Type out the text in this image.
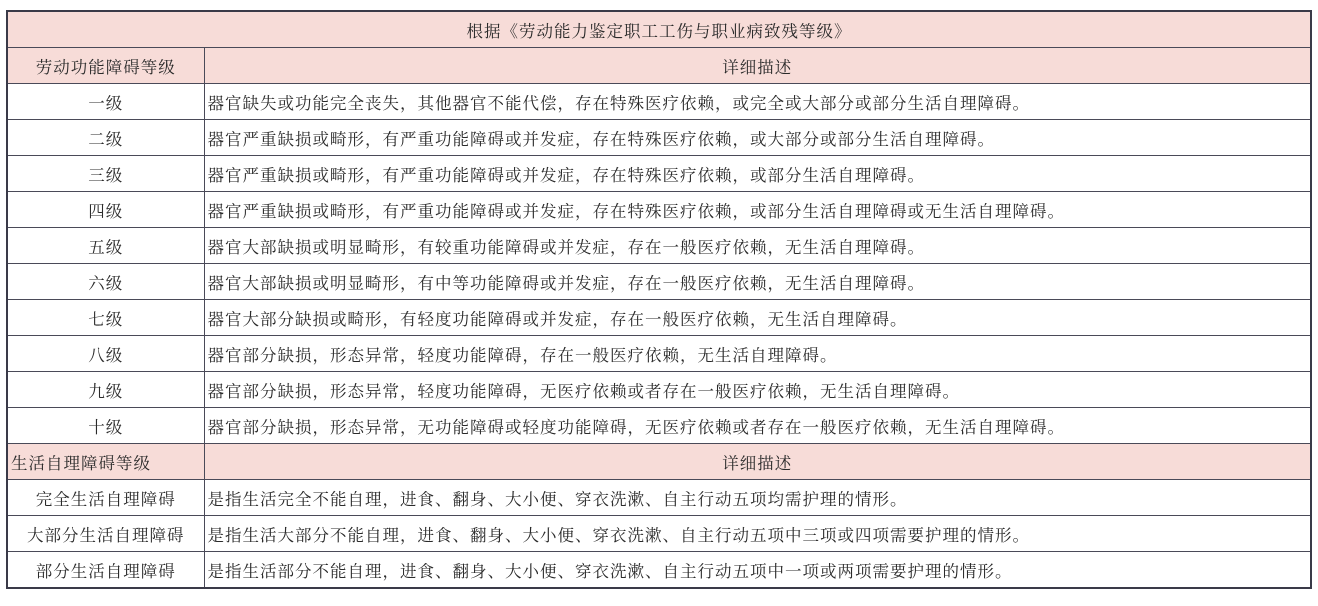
根据《劳动能力鉴定职工工伤与职业病致残等级》	
劳动功能障碍等级	详细描述
一级	器官缺失或功能完全丧失，其他器官不能代偿，存在特殊医疗依赖，或完全或大部分或部分生活自理障碍。
二级	器官严重缺损或畸形，有严重功能障碍或并发症，存在特殊医疗依赖，或大部分或部分生活自理障碍。
三级	器官严重缺损或畸形，有严重功能障碍或并发症，存在特殊医疗依赖，或部分生活自理障碍。
四级	器官严重缺损或畸形，有严重功能障碍或并发症，存在特殊医疗依赖，或部分生活自理障碍或无生活自理障碍。
五级	器官大部缺损或明显畸形，有较重功能障碍或并发症，存在一般医疗依赖，无生活自理障碍。
六级	器官大部缺损或明显畸形，有中等功能障碍或并发症，存在一般医疗依赖，无生活自理障碍。
七级	器官大部分缺损或畸形，有轻度功能障碍或并发症，存在一般医疗依赖，无生活自理障碍。
八级	器官部分缺损，形态异常，轻度功能障碍，存在一般医疗依赖，无生活自理障碍。
九级	器官部分缺损，形态异常，轻度功能障碍，无医疗依赖或者存在一般医疗依赖，无生活自理障碍。
十级	器官部分缺损，形态异常，无功能障碍或轻度功能障碍，无医疗依赖或者存在一般医疗依赖，无生活自理障碍。
生活自理障碍等级	详细描述
完全生活自理障碍	是指生活完全不能自理，进食、翻身、大小便、穿衣洗漱、自主行动五项均需护理的情形。
大部分生活自理障碍	是指生活大部分不能自理，进食、翻身、大小便、穿衣洗漱、自主行动五项中三项或四项需要护理的情形。
部分生活自理障碍	是指生活部分不能自理，进食、翻身、大小便、穿衣洗漱、自主行动五项中一项或两项需要护理的情形。
